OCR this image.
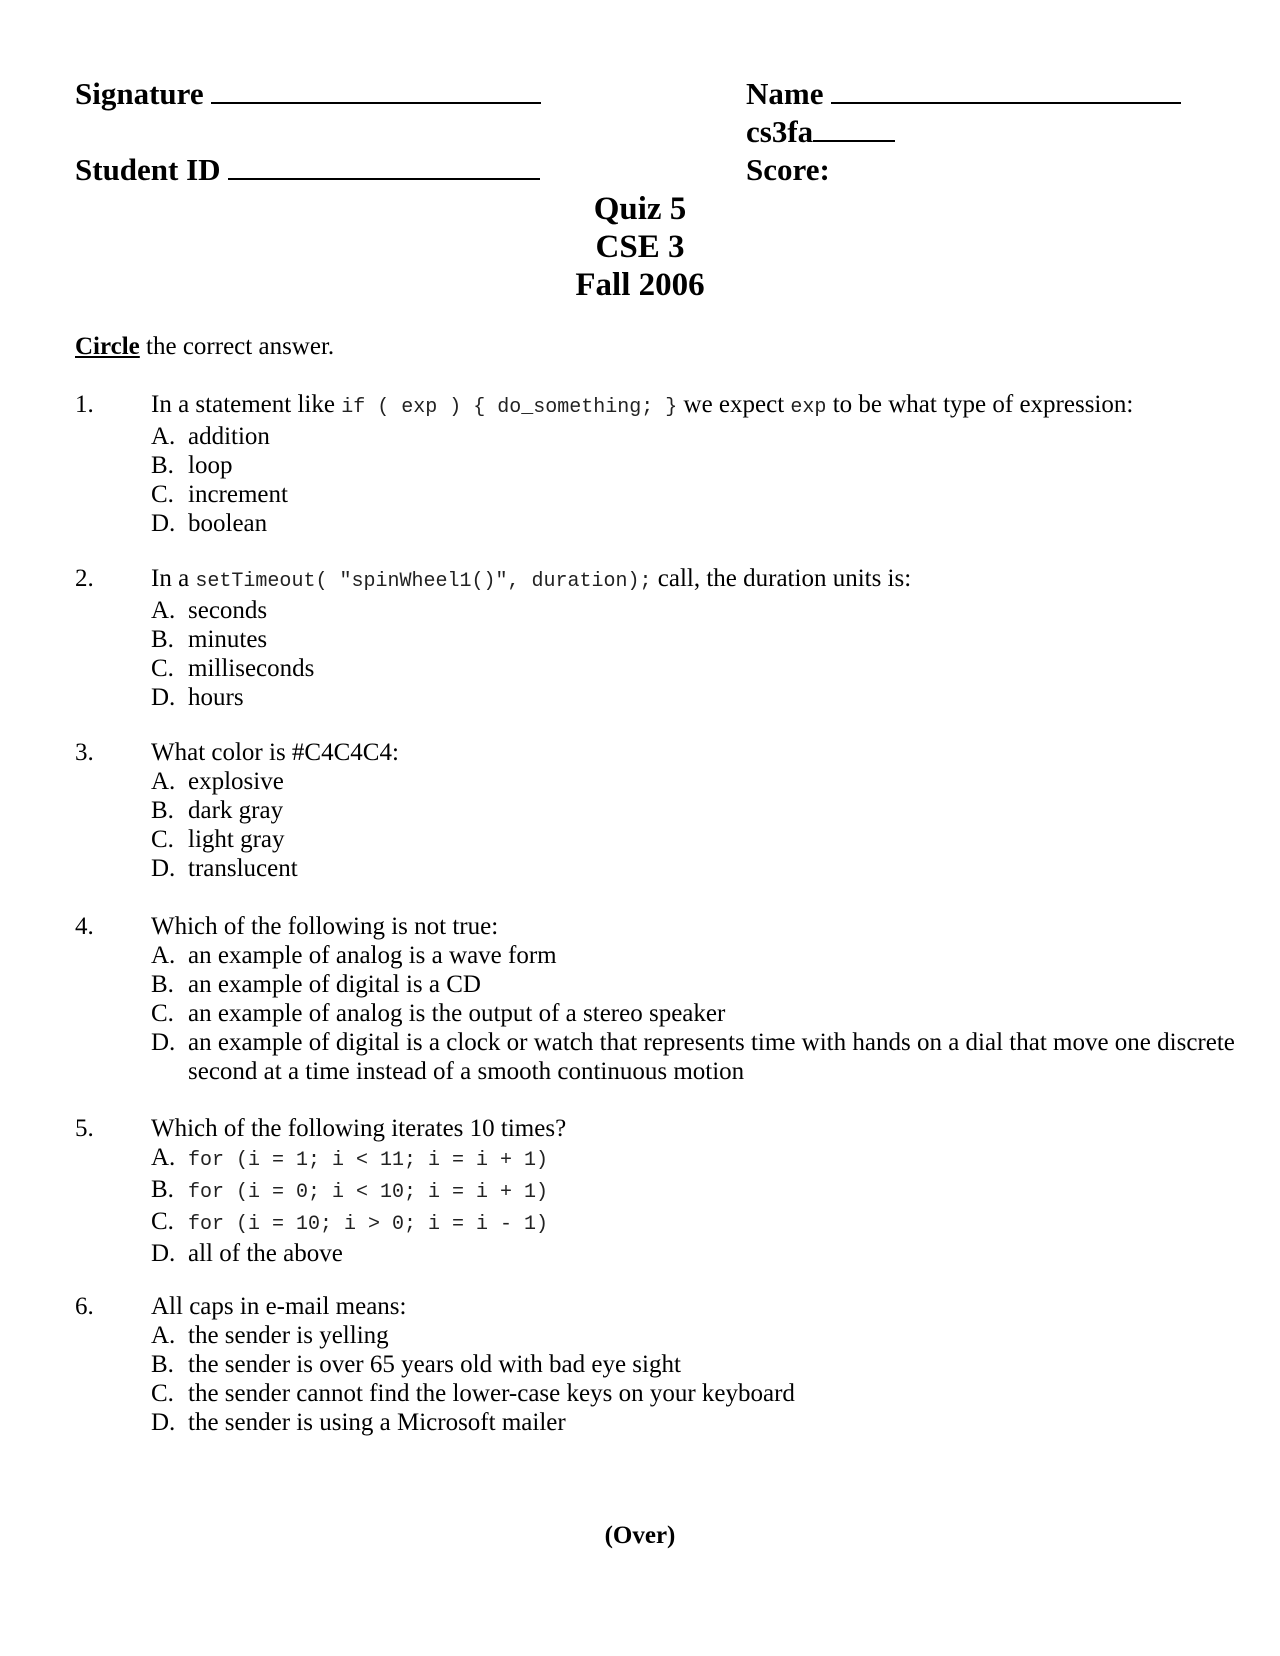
Signature	Name
cs3fa
Student ID	Score:
Quiz 5
CSE 3
Fall 2006
Circle the correct answer.
1. In a statement like if ( exp ) { do_something; } we expect exp to be what type of expression:
A. addition
B. loop
C. increment
D. boolean
2. In a setTimeout( "spinWheel1()", duration); call, the duration units is:
A. seconds
B. minutes
C. milliseconds
D. hours
3. What color is #C4C4C4:
A. explosive
B. dark gray
C. light gray
D. translucent
4. Which of the following is not true:
A. an example of analog is a wave form
B. an example of digital is a CD
C. an example of analog is the output of a stereo speaker
D. an example of digital is a clock or watch that represents time with hands on a dial that move one discrete second at a time instead of a smooth continuous motion
5. Which of the following iterates 10 times?
A. for (i = 1; i < 11; i = i + 1)
B. for (i = 0; i < 10; i = i + 1)
C. for (i = 10; i > 0; i = i - 1)
D. all of the above
6. All caps in e-mail means:
A. the sender is yelling
B. the sender is over 65 years old with bad eye sight
C. the sender cannot find the lower-case keys on your keyboard
D. the sender is using a Microsoft mailer
(Over)
